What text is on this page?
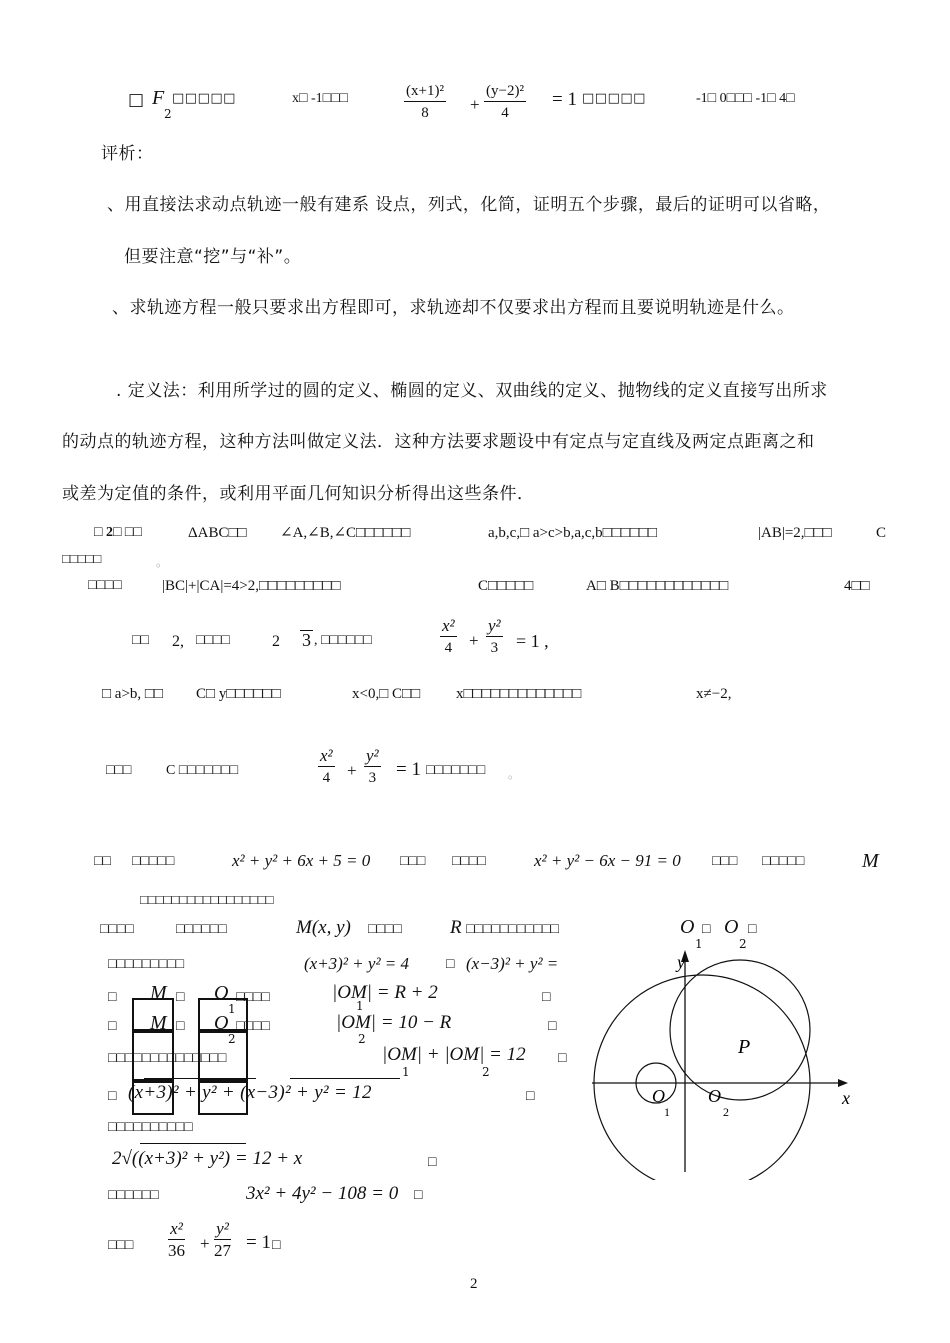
□ F
2
□□□□□	x□ -1□□□	$\frac{\text{(x+1)²}}{8} + \frac{\text{(y−2)²}}{4} = 1$ □□□□□	-1□ 0□□□ -1□ 4□
评析：
、用直接法求动点轨迹一般有建系 设点，列式，化简，证明五个步骤，最后的证明可以省略，
但要注意“挖”与“补”。
、求轨迹方程一般只要求出方程即可，求轨迹却不仅要求出方程而且要说明轨迹是什么。
. 定义法：利用所学过的圆的定义、椭圆的定义、双曲线的定义、抛物线的定义直接写出所求
的动点的轨迹方程，这种方法叫做定义法．这种方法要求题设中有定点与定直线及两定点距离之和
或差为定值的条件，或利用平面几何知识分析得出这些条件．
□ 2□ □□	ΔABC□□ ∠A,∠B,∠C□□□□□□	a,b,c,□ a>c>b,a,c,b□□□□□□	|AB|=2,□□□	C
□□□□□	。
□□□□	|BC|+|CA|=4>2,□□□□□□□□□	C□□□□□	A□ B□□□□□□□□□□□□	4□□
□□ 2, □□□□	2 3 , □□□□□□	$\frac{\text{x²}}{4} + \frac{\text{y²}}{3} = 1$ ,
□ a>b, □□ C□ y□□□□□□	x<0,□ C□□ x□□□□□□□□□□□□□	x≠−2,
□□□ C □□□□□□□	$\frac{\text{x²}}{4} + \frac{\text{y²}}{3} = 1$ □□□□□□□ 。
□□ □□□□□	x² + y² + 6x + 5 = 0 □□□ □□□□	x² + y² − 6x − 91 = 0 □□□ □□□□□	M
□□□□□□□□□□□□□□□□□
□□□□	□□□□□□	M(x, y) □□□□	R □□□□□□□□□□□	O
1
□ O
2
□
□□□□□□□□□	(x+3)² + y² = 4	□ (x−3)² + y² =
□ M □ O
1
□□□□	|OM| = R + 2	□
□ M □ O
2
□□□□	|OM| = 10 − R	□
1
2
□□□□□□□□□□□□□□	|OM| + |OM| = 12
1	2
□
□ (x+3)² + y² + (x−3)² + y² = 12	□
□□□□□□□□□□
2√((x+3)² + y²) = 12 + x	□
□□□□□□	3x² + 4y² − 108 = 0 □
□□□ $\frac{\text{x²}}{36} + \frac{\text{y²}}{27} = 1$ □
y
x
P
O
1
O
2
2
